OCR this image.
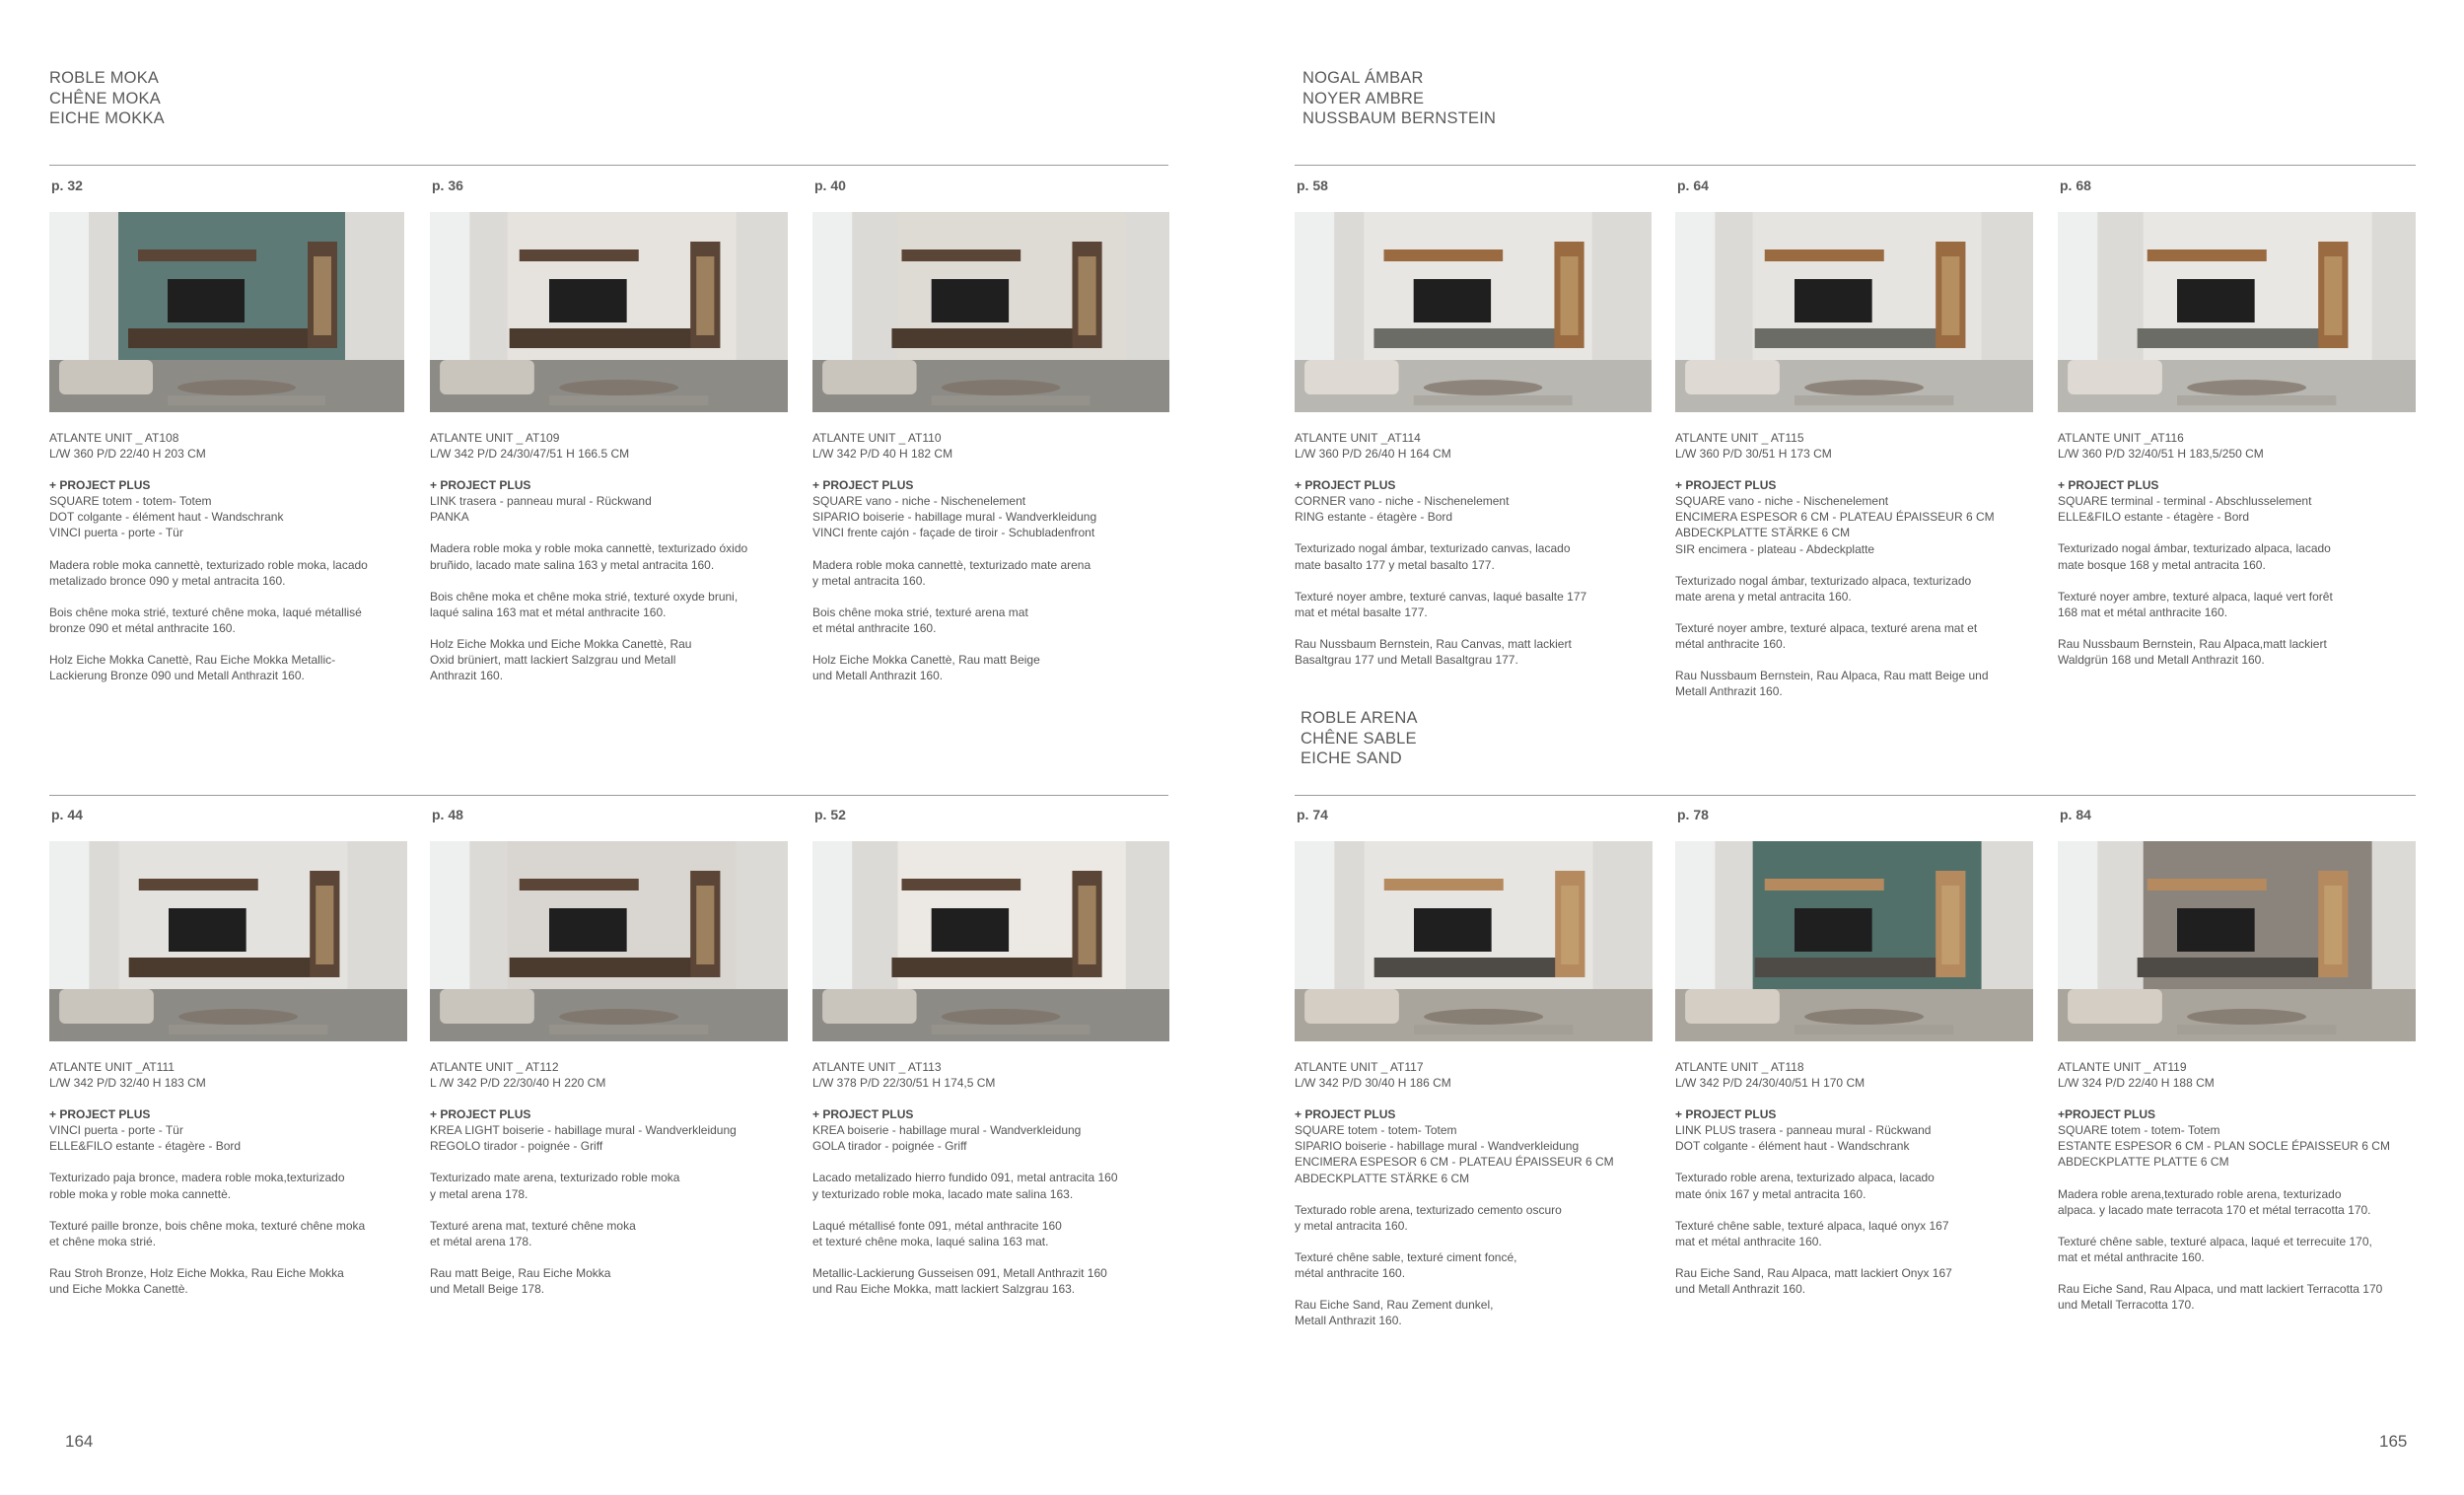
ROBLE MOKA
CHÊNE MOKA
EICHE MOKKA
NOGAL ÁMBAR
NOYER AMBRE
NUSSBAUM BERNSTEIN
ROBLE ARENA
CHÊNE SABLE
EICHE SAND
p. 32
ATLANTE UNIT _ AT108
L/W 360 P/D 22/40 H 203 CM
+ PROJECT PLUS
SQUARE totem - totem- Totem
DOT colgante - élément haut - Wandschrank
VINCI puerta - porte - Tür
Madera roble moka cannettè, texturizado roble moka, lacado
metalizado bronce 090 y metal antracita 160.
Bois chêne moka strié, texturé chêne moka, laqué métallisé
bronze 090 et métal anthracite 160.
Holz Eiche Mokka Canettè, Rau Eiche Mokka Metallic-
Lackierung Bronze 090 und Metall Anthrazit 160.
p. 36
ATLANTE UNIT _ AT109
L/W 342 P/D 24/30/47/51 H 166.5 CM
+ PROJECT PLUS
LINK trasera - panneau mural - Rückwand
PANKA
Madera roble moka y roble moka cannettè, texturizado óxido
bruñido, lacado mate salina 163 y metal antracita 160.
Bois chêne moka et chêne moka strié, texturé oxyde bruni,
laqué salina 163 mat et métal anthracite 160.
Holz Eiche Mokka und Eiche Mokka Canettè, Rau
Oxid brüniert, matt lackiert Salzgrau und Metall
Anthrazit 160.
p. 40
ATLANTE UNIT _ AT110
L/W 342 P/D 40 H 182 CM
+ PROJECT PLUS
SQUARE vano - niche - Nischenelement
SIPARIO boiserie - habillage mural - Wandverkleidung
VINCI frente cajón - façade de tiroir - Schubladenfront
Madera roble moka cannettè, texturizado mate arena
y metal antracita 160.
Bois chêne moka strié, texturé arena mat
et métal anthracite 160.
Holz Eiche Mokka Canettè, Rau matt Beige
und Metall Anthrazit 160.
p. 44
ATLANTE UNIT _AT111
L/W 342 P/D 32/40 H 183 CM
+ PROJECT PLUS
VINCI puerta - porte - Tür
ELLE&FILO estante - étagère - Bord
Texturizado paja bronce, madera roble moka,texturizado
roble moka y roble moka cannettè.
Texturé paille bronze, bois chêne moka, texturé chêne moka
et chêne moka strié.
Rau Stroh Bronze, Holz Eiche Mokka, Rau Eiche Mokka
und Eiche Mokka Canettè.
p. 48
ATLANTE UNIT _ AT112
L /W 342 P/D 22/30/40 H 220 CM
+ PROJECT PLUS
KREA LIGHT boiserie - habillage mural - Wandverkleidung
REGOLO tirador - poignée - Griff
Texturizado mate arena, texturizado roble moka
y metal arena 178.
Texturé arena mat, texturé chêne moka
et métal arena 178.
Rau matt Beige, Rau Eiche Mokka
und Metall Beige 178.
p. 52
ATLANTE UNIT _ AT113
L/W 378 P/D 22/30/51 H 174,5 CM
+ PROJECT PLUS
KREA boiserie - habillage mural - Wandverkleidung
GOLA tirador - poignée - Griff
Lacado metalizado hierro fundido 091, metal antracita 160
y texturizado roble moka, lacado mate salina 163.
Laqué métallisé fonte 091, métal anthracite 160
et texturé chêne moka, laqué salina 163 mat.
Metallic-Lackierung Gusseisen 091, Metall Anthrazit 160
und Rau Eiche Mokka, matt lackiert Salzgrau 163.
p. 58
ATLANTE UNIT _AT114
L/W 360 P/D 26/40 H 164 CM
+ PROJECT PLUS
CORNER vano - niche - Nischenelement
RING estante - étagère - Bord
Texturizado nogal ámbar, texturizado canvas, lacado
mate basalto 177 y metal basalto 177.
Texturé noyer ambre, texturé canvas, laqué basalte 177
mat et métal basalte 177.
Rau Nussbaum Bernstein, Rau Canvas, matt lackiert
Basaltgrau 177 und Metall Basaltgrau 177.
p. 64
ATLANTE UNIT _ AT115
L/W 360 P/D 30/51 H 173 CM
+ PROJECT PLUS
SQUARE vano - niche - Nischenelement
ENCIMERA ESPESOR 6 CM - PLATEAU ÉPAISSEUR 6 CM
ABDECKPLATTE STÄRKE 6 CM
SIR encimera - plateau - Abdeckplatte
Texturizado nogal ámbar, texturizado alpaca, texturizado
mate arena y metal antracita 160.
Texturé noyer ambre, texturé alpaca, texturé arena mat et
métal anthracite 160.
Rau Nussbaum Bernstein, Rau Alpaca, Rau matt Beige und
Metall Anthrazit 160.
p. 68
ATLANTE UNIT _AT116
L/W 360 P/D 32/40/51 H 183,5/250 CM
+ PROJECT PLUS
SQUARE terminal - terminal - Abschlusselement
ELLE&FILO estante - étagère - Bord
Texturizado nogal ámbar, texturizado alpaca, lacado
mate bosque 168 y metal antracita 160.
Texturé noyer ambre, texturé alpaca, laqué vert forêt
168 mat et métal anthracite 160.
Rau Nussbaum Bernstein, Rau Alpaca,matt lackiert
Waldgrün 168 und Metall Anthrazit 160.
p. 74
ATLANTE UNIT _ AT117
L/W 342 P/D 30/40 H 186 CM
+ PROJECT PLUS
SQUARE totem - totem- Totem
SIPARIO boiserie - habillage mural - Wandverkleidung
ENCIMERA ESPESOR 6 CM - PLATEAU ÉPAISSEUR 6 CM
ABDECKPLATTE STÄRKE 6 CM
Texturado roble arena, texturizado cemento oscuro
y metal antracita 160.
Texturé chêne sable, texturé ciment foncé,
métal anthracite 160.
Rau Eiche Sand, Rau Zement dunkel,
Metall Anthrazit 160.
p. 78
ATLANTE UNIT _ AT118
L/W 342 P/D 24/30/40/51 H 170 CM
+ PROJECT PLUS
LINK PLUS trasera - panneau mural - Rückwand
DOT colgante - élément haut - Wandschrank
Texturado roble arena, texturizado alpaca, lacado
mate ónix 167 y metal antracita 160.
Texturé chêne sable, texturé alpaca, laqué onyx 167
mat et métal anthracite 160.
Rau Eiche Sand, Rau Alpaca, matt lackiert Onyx 167
und Metall Anthrazit 160.
p. 84
ATLANTE UNIT _ AT119
L/W 324 P/D 22/40 H 188 CM
+PROJECT PLUS
SQUARE totem - totem- Totem
ESTANTE ESPESOR 6 CM - PLAN SOCLE ÉPAISSEUR 6 CM
ABDECKPLATTE PLATTE 6 CM
Madera roble arena,texturado roble arena, texturizado
alpaca. y lacado mate terracota 170 et métal terracotta 170.
Texturé chêne sable, texturé alpaca, laqué et terrecuite 170,
mat et métal anthracite 160.
Rau Eiche Sand, Rau Alpaca, und matt lackiert Terracotta 170
und Metall Terracotta 170.
164	165
